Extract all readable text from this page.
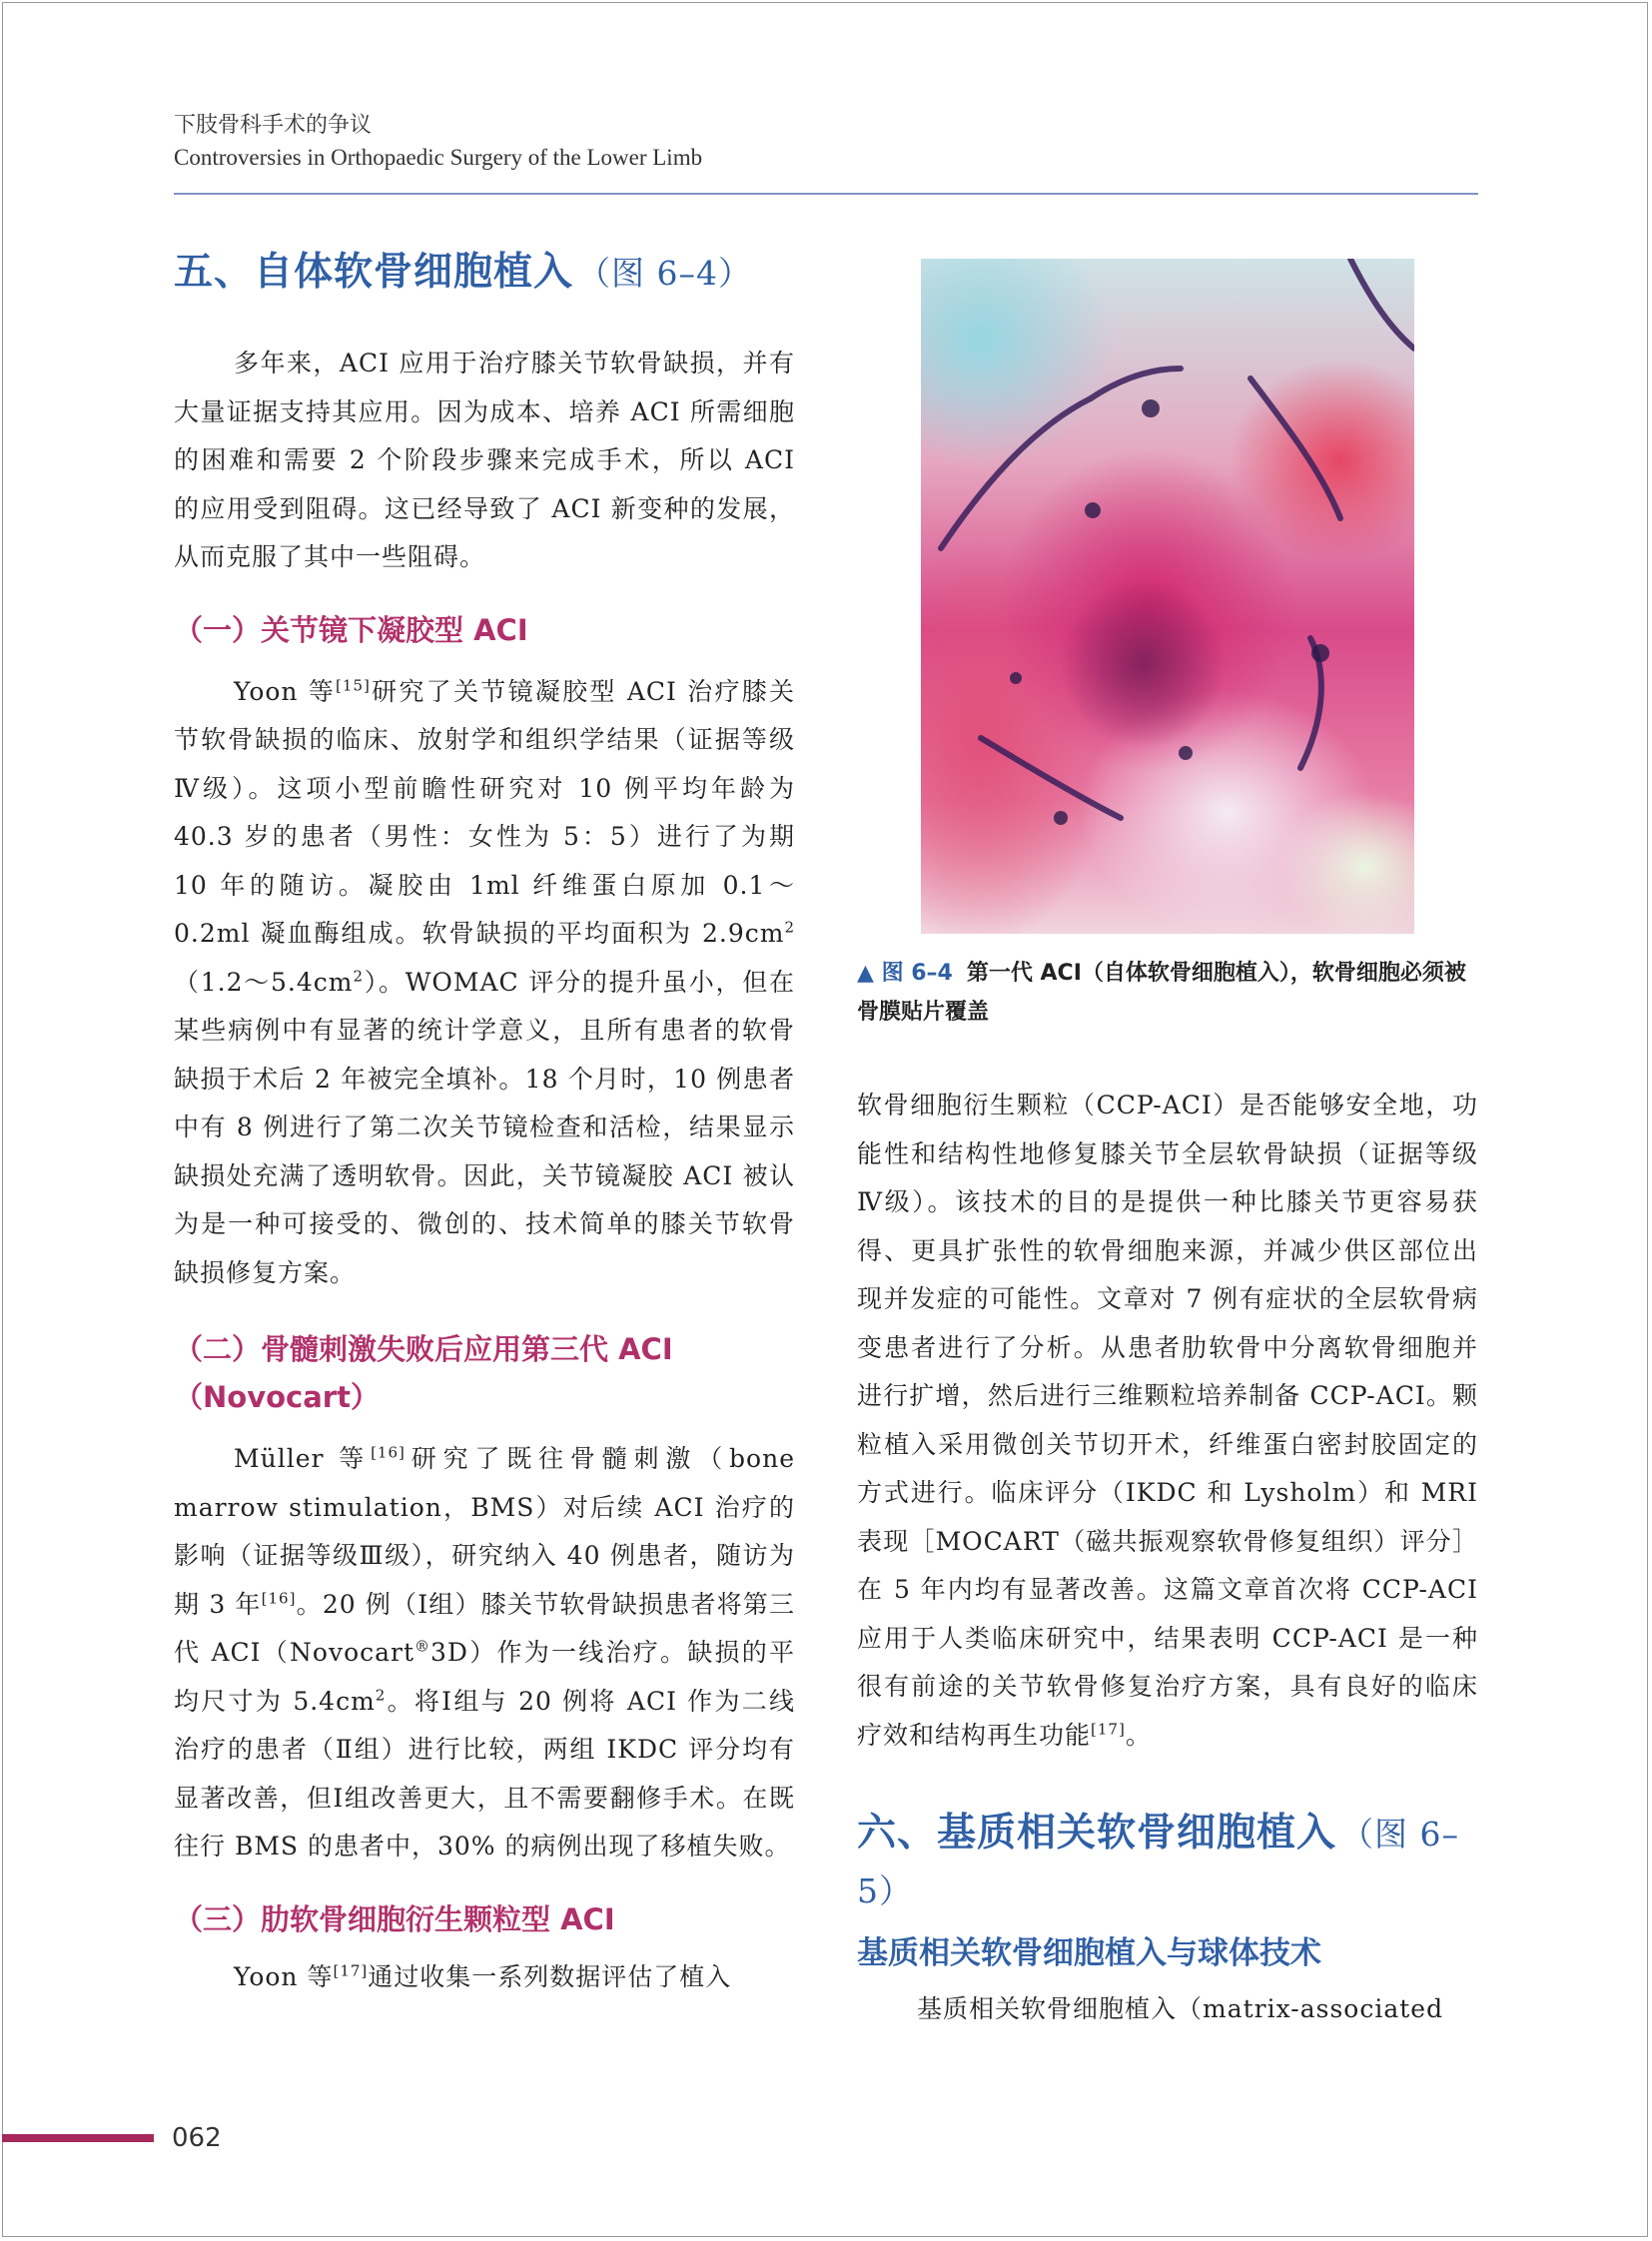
下肢骨科手术的争议
Controversies in Orthopaedic Surgery of the Lower Limb
五、自体软骨细胞植入 （图 6–4）

多年来，ACI 应用于治疗膝关节软骨缺损，并有大量证据支持其应用。因为成本、培养 ACI 所需细胞的困难和需要 2 个阶段步骤来完成手术，所以 ACI 的应用受到阻碍。这已经导致了 ACI 新变种的发展，从而克服了其中一些阻碍。

（一）关节镜下凝胶型 ACI

Yoon 等[15]研究了关节镜凝胶型 ACI 治疗膝关节软骨缺损的临床、放射学和组织学结果（证据等级Ⅳ级）。这项小型前瞻性研究对 10 例平均年龄为 40.3 岁的患者（男性：女性为 5：5）进行了为期 10 年的随访。凝胶由 1ml 纤维蛋白原加 0.1～0.2ml 凝血酶组成。软骨缺损的平均面积为 $2.9cm^2(1.2\sim 5.4cm^2)$。WOMAC 评分的提升虽小，但在某些病例中有显著的统计学意义，且所有患者的软骨缺损于术后 2 年被完全填补。18 个月时，10 例患者中有 8 例进行了第二次关节镜检查和活检，结果显示缺损处充满了透明软骨。因此，关节镜凝胶 ACI 被认为是一种可接受的、微创的、技术简单的膝关节软骨缺损修复方案。

（二）骨髓刺激失败后应用第三代 ACI（Novocart）

Müller 等[16]研究了既往骨髓刺激（bone marrow stimulation，BMS）对后续 ACI 治疗的影响（证据等级Ⅲ级），研究纳入 40 例患者，随访为期 3 年[16]。20 例（Ⅰ组）膝关节软骨缺损患者将第三代 ACI（Novocart®3D）作为一线治疗。缺损的平均尺寸为 $5.4cm^2$。将Ⅰ组与 20 例将 ACI 作为二线治疗的患者（Ⅱ组）进行比较，两组 IKDC 评分均有显著改善，但Ⅰ组改善更大，且不需要翻修手术。在既往行 BMS 的患者中，30% 的病例出现了移植失败。

（三）肋软骨细胞衍生颗粒型 ACI

Yoon 等[17]通过收集一系列数据评估了植入

▲ 图 6–4 第一代 ACI（自体软骨细胞植入），软骨细胞必须被骨膜贴片覆盖

软骨细胞衍生颗粒（CCP-ACI）是否能够安全地，功能性和结构性地修复膝关节全层软骨缺损（证据等级Ⅳ级）。该技术的目的是提供一种比膝关节更容易获得、更具扩张性的软骨细胞来源，并减少供区部位出现并发症的可能性。文章对 7 例有症状的全层软骨病变患者进行了分析。从患者肋软骨中分离软骨细胞并进行扩增，然后进行三维颗粒培养制备 CCP-ACI。颗粒植入采用微创关节切开术，纤维蛋白密封胶固定的方式进行。临床评分（IKDC 和 Lysholm）和 MRI 表现［MOCART（磁共振观察软骨修复组织）评分］在 5 年内均有显著改善。这篇文章首次将 CCP-ACI 应用于人类临床研究中，结果表明 CCP-ACI 是一种很有前途的关节软骨修复治疗方案，具有良好的临床疗效和结构再生功能[17]。

六、基质相关软骨细胞植入 （图 6–5）
基质相关软骨细胞植入与球体技术

基质相关软骨细胞植入（matrix-associated

062
